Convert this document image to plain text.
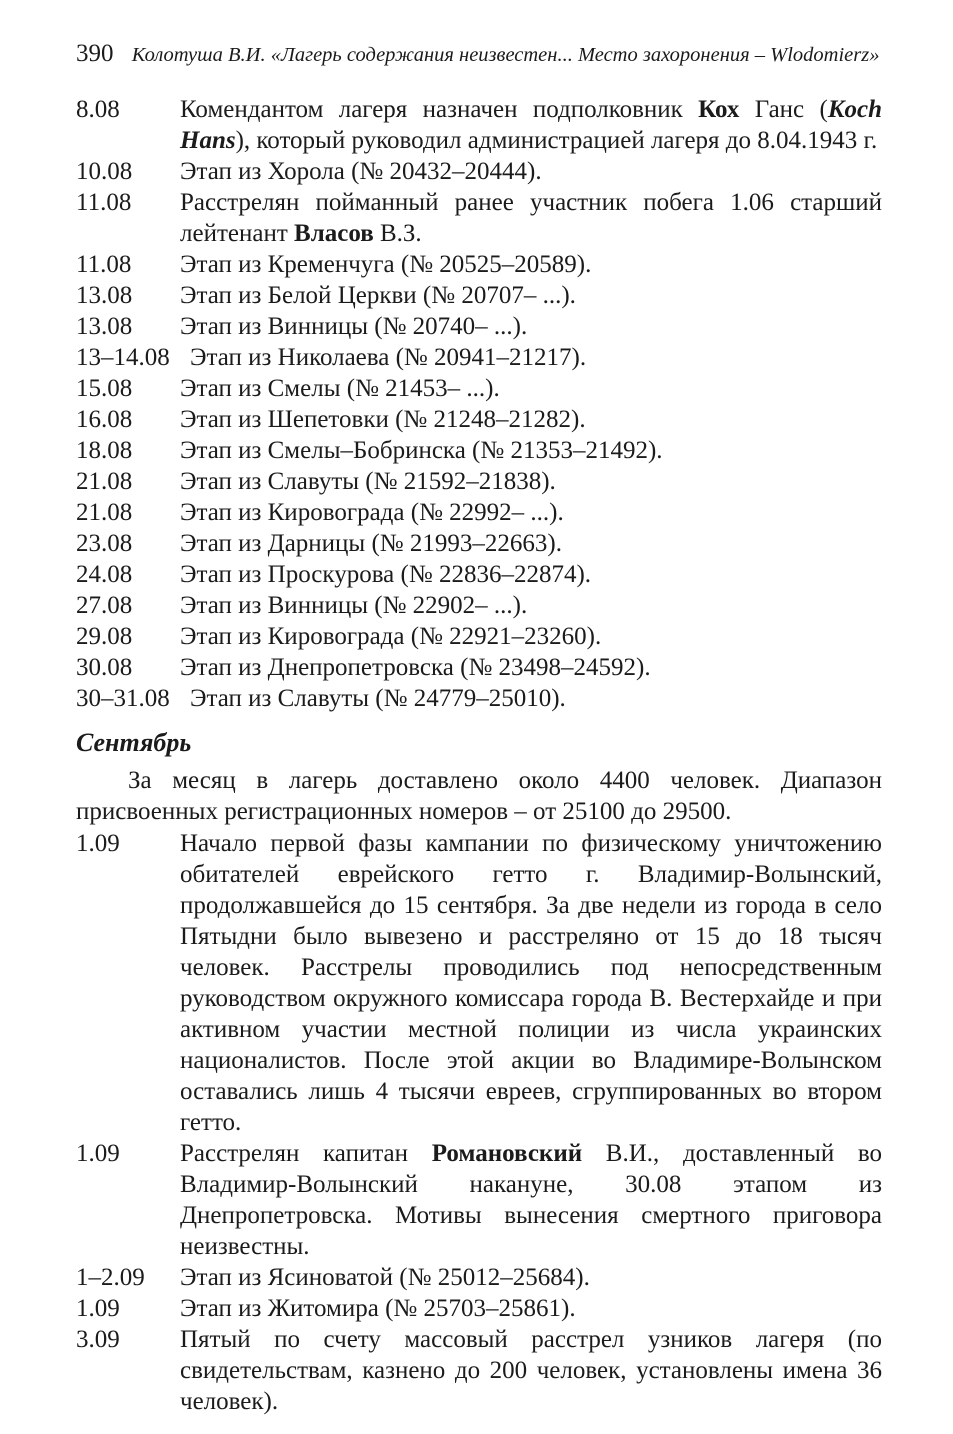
390 Колотуша В.И. «Лагерь содержания неизвестен... Место захоронения – Wlodomierz»
8.08	Комендантом лагеря назначен подполковник Кох Ганс (Koch Hans), который руководил администрацией лагеря до 8.04.1943 г.
10.08	Этап из Хорола (№ 20432–20444).
11.08	Расстрелян пойманный ранее участник побега 1.06 старший лейтенант Власов В.З.
11.08	Этап из Кременчуга (№ 20525–20589).
13.08	Этап из Белой Церкви (№ 20707– ...).
13.08	Этап из Винницы (№ 20740– ...).
13–14.08 Этап из Николаева (№ 20941–21217).
15.08	Этап из Смелы (№ 21453– ...).
16.08	Этап из Шепетовки (№ 21248–21282).
18.08	Этап из Смелы–Бобринска (№ 21353–21492).
21.08	Этап из Славуты (№ 21592–21838).
21.08	Этап из Кировограда (№ 22992– ...).
23.08	Этап из Дарницы (№ 21993–22663).
24.08	Этап из Проскурова (№ 22836–22874).
27.08	Этап из Винницы (№ 22902– ...).
29.08	Этап из Кировограда (№ 22921–23260).
30.08	Этап из Днепропетровска (№ 23498–24592).
30–31.08 Этап из Славуты (№ 24779–25010).
Сентябрь
За месяц в лагерь доставлено около 4400 человек. Диапазон присвоенных регистрационных номеров – от 25100 до 29500.
1.09	Начало первой фазы кампании по физическому уничтожению обитателей еврейского гетто г. Владимир-Волынский, продолжавшейся до 15 сентября. За две недели из города в село Пятыдни было вывезено и расстреляно от 15 до 18 тысяч человек. Расстрелы проводились под непосредственным руководством окружного комиссара города В. Вестерхайде и при активном участии местной полиции из числа украинских националистов. После этой акции во Владимире-Волынском оставались лишь 4 тысячи евреев, сгруппированных во втором гетто.
1.09	Расстрелян капитан Романовский В.И., доставленный во Владимир-Волынский накануне, 30.08 этапом из Днепропетровска. Мотивы вынесения смертного приговора неизвестны.
1–2.09	Этап из Ясиноватой (№ 25012–25684).
1.09	Этап из Житомира (№ 25703–25861).
3.09	Пятый по счету массовый расстрел узников лагеря (по свидетельствам, казнено до 200 человек, установлены имена 36 человек).
